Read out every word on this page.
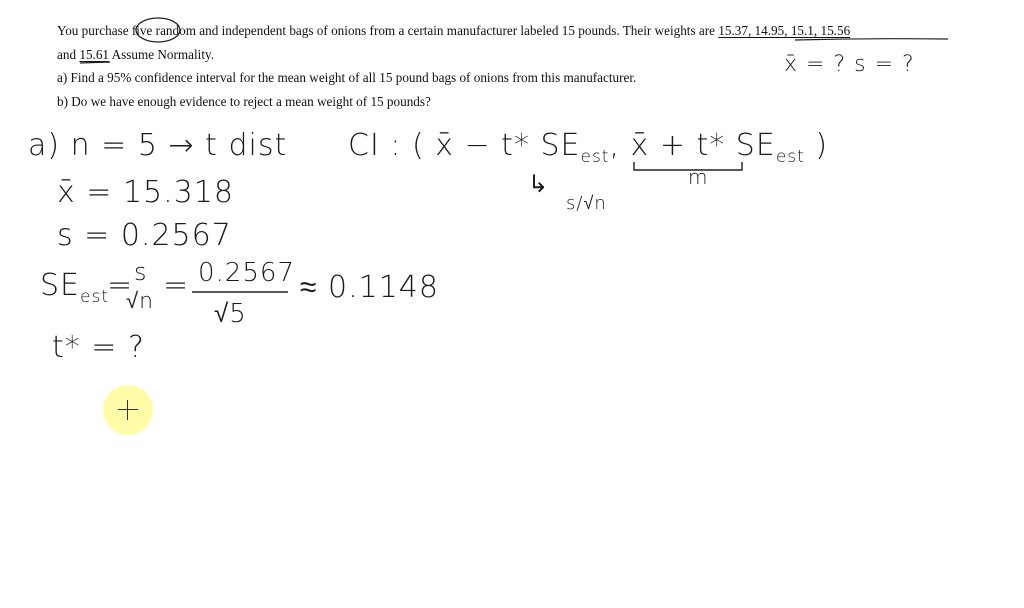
You purchase five random and independent bags of onions from a certain manufacturer labeled 15 pounds. Their weights are 15.37, 14.95, 15.1, 15.56

and 15.61 Assume Normality.

a) Find a 95% confidence interval for the mean weight of all 15 pound bags of onions from this manufacturer.

b) Do we have enough evidence to reject a mean weight of 15 pounds?

x̄ = ? s = ?
a) n = 5 → t dist
x̄ = 15.318
s = 0.2567
$SE_{est}$
= s
√n = 0.2567
√5
≈ 0.1148
t* = ?
CI : ( x̄ − t* $SE_{est}$, x̄ + t* $SE_{est}$ )
↳
s/√n
m
